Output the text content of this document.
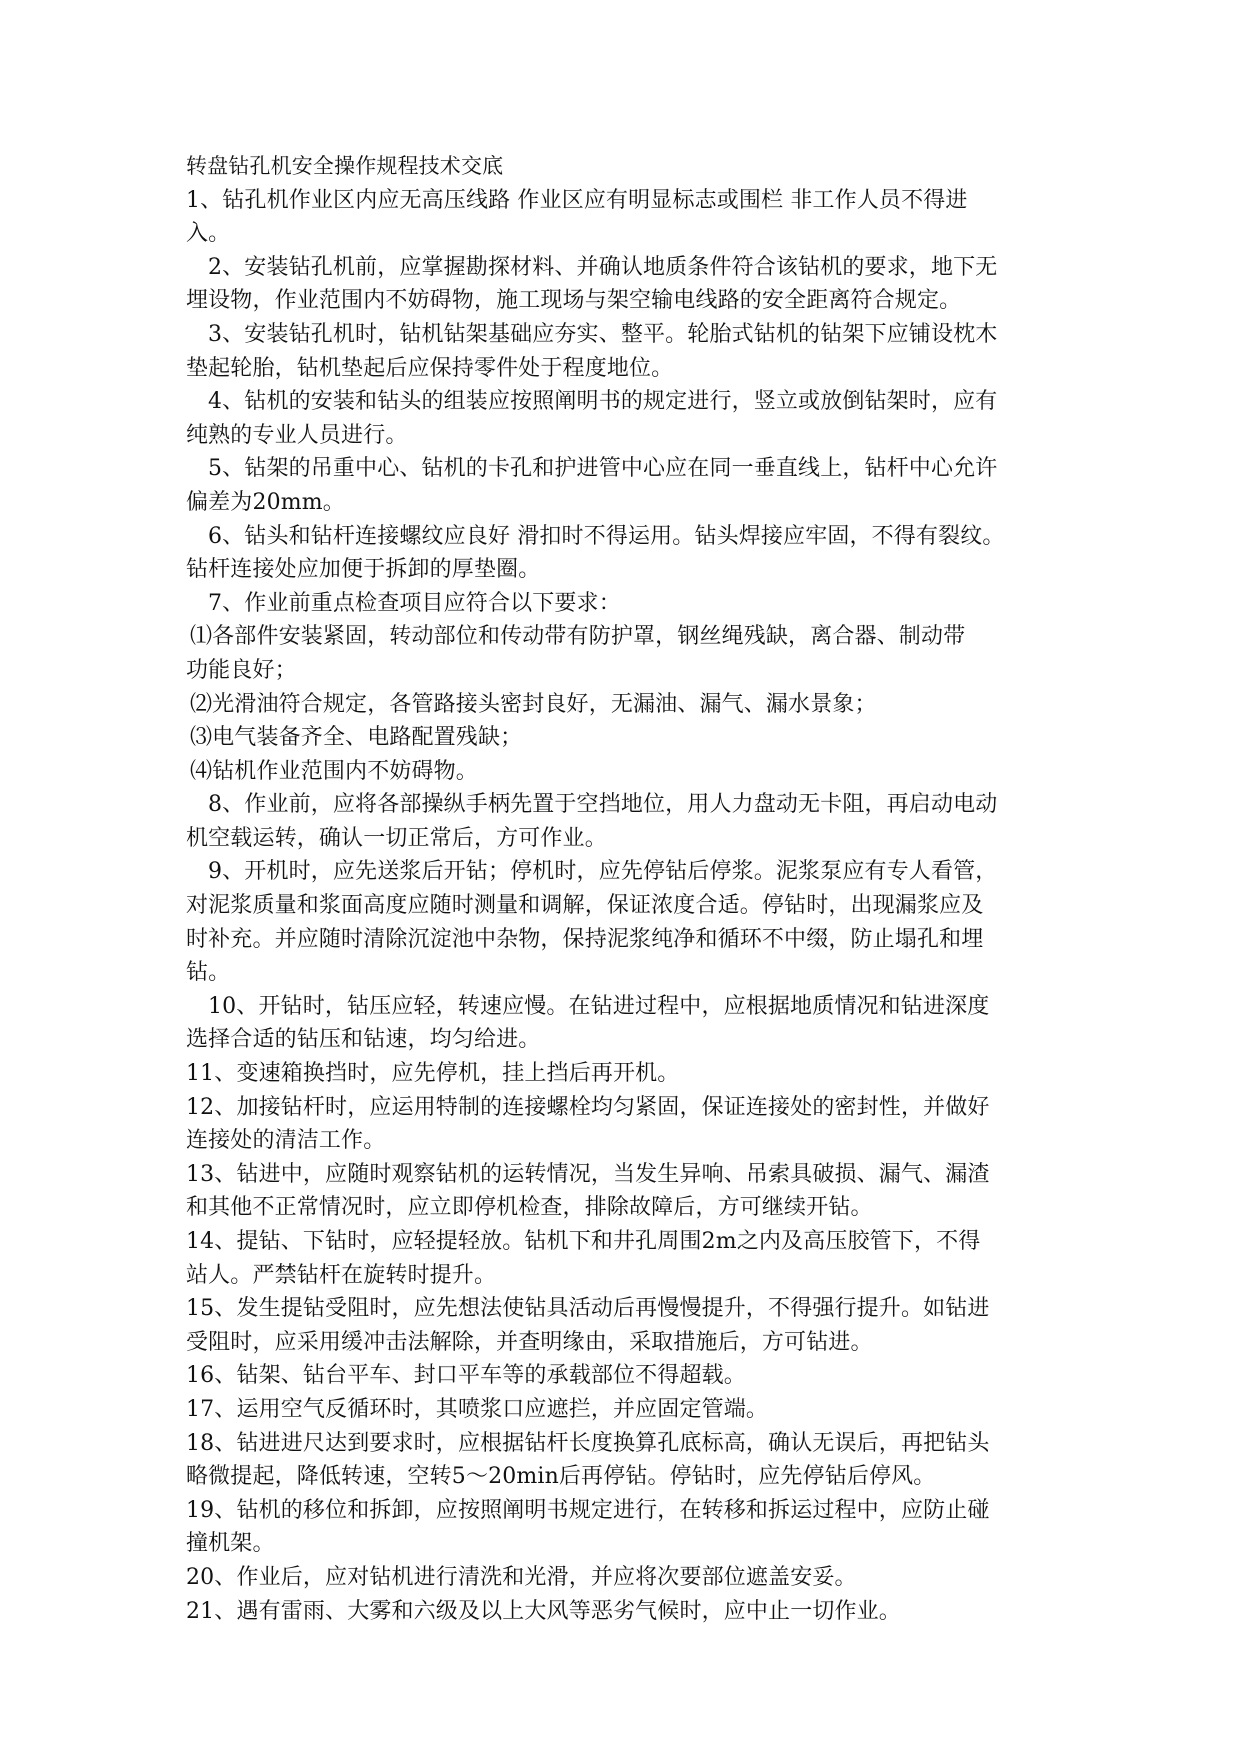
转盘钻孔机安全操作规程技术交底
1、钻孔机作业区内应无高压线路 作业区应有明显标志或围栏 非工作人员不得进
入。
2、安装钻孔机前，应掌握勘探材料、并确认地质条件符合该钻机的要求，地下无
埋设物，作业范围内不妨碍物，施工现场与架空输电线路的安全距离符合规定。
3、安装钻孔机时，钻机钻架基础应夯实、整平。轮胎式钻机的钻架下应铺设枕木
垫起轮胎，钻机垫起后应保持零件处于程度地位。
4、钻机的安装和钻头的组装应按照阐明书的规定进行，竖立或放倒钻架时，应有
纯熟的专业人员进行。
5、钻架的吊重中心、钻机的卡孔和护进管中心应在同一垂直线上，钻杆中心允许
偏差为20mm。
6、钻头和钻杆连接螺纹应良好 滑扣时不得运用。钻头焊接应牢固，不得有裂纹。
钻杆连接处应加便于拆卸的厚垫圈。
7、作业前重点检查项目应符合以下要求：
⑴各部件安装紧固，转动部位和传动带有防护罩，钢丝绳残缺，离合器、制动带
功能良好；
⑵光滑油符合规定，各管路接头密封良好，无漏油、漏气、漏水景象；
⑶电气装备齐全、电路配置残缺；
⑷钻机作业范围内不妨碍物。
8、作业前，应将各部操纵手柄先置于空挡地位，用人力盘动无卡阻，再启动电动
机空载运转，确认一切正常后，方可作业。
9、开机时，应先送浆后开钻；停机时，应先停钻后停浆。泥浆泵应有专人看管，
对泥浆质量和浆面高度应随时测量和调解，保证浓度合适。停钻时，出现漏浆应及
时补充。并应随时清除沉淀池中杂物，保持泥浆纯净和循环不中缀，防止塌孔和埋
钻。
10、开钻时，钻压应轻，转速应慢。在钻进过程中，应根据地质情况和钻进深度
选择合适的钻压和钻速，均匀给进。
11、变速箱换挡时，应先停机，挂上挡后再开机。
12、加接钻杆时，应运用特制的连接螺栓均匀紧固，保证连接处的密封性，并做好
连接处的清洁工作。
13、钻进中，应随时观察钻机的运转情况，当发生异响、吊索具破损、漏气、漏渣
和其他不正常情况时，应立即停机检查，排除故障后，方可继续开钻。
14、提钻、下钻时，应轻提轻放。钻机下和井孔周围2m之内及高压胶管下，不得
站人。严禁钻杆在旋转时提升。
15、发生提钻受阻时，应先想法使钻具活动后再慢慢提升，不得强行提升。如钻进
受阻时，应采用缓冲击法解除，并查明缘由，采取措施后，方可钻进。
16、钻架、钻台平车、封口平车等的承载部位不得超载。
17、运用空气反循环时，其喷浆口应遮拦，并应固定管端。
18、钻进进尺达到要求时，应根据钻杆长度换算孔底标高，确认无误后，再把钻头
略微提起，降低转速，空转5～20min后再停钻。停钻时，应先停钻后停风。
19、钻机的移位和拆卸，应按照阐明书规定进行，在转移和拆运过程中，应防止碰
撞机架。
20、作业后，应对钻机进行清洗和光滑，并应将次要部位遮盖安妥。
21、遇有雷雨、大雾和六级及以上大风等恶劣气候时，应中止一切作业。
